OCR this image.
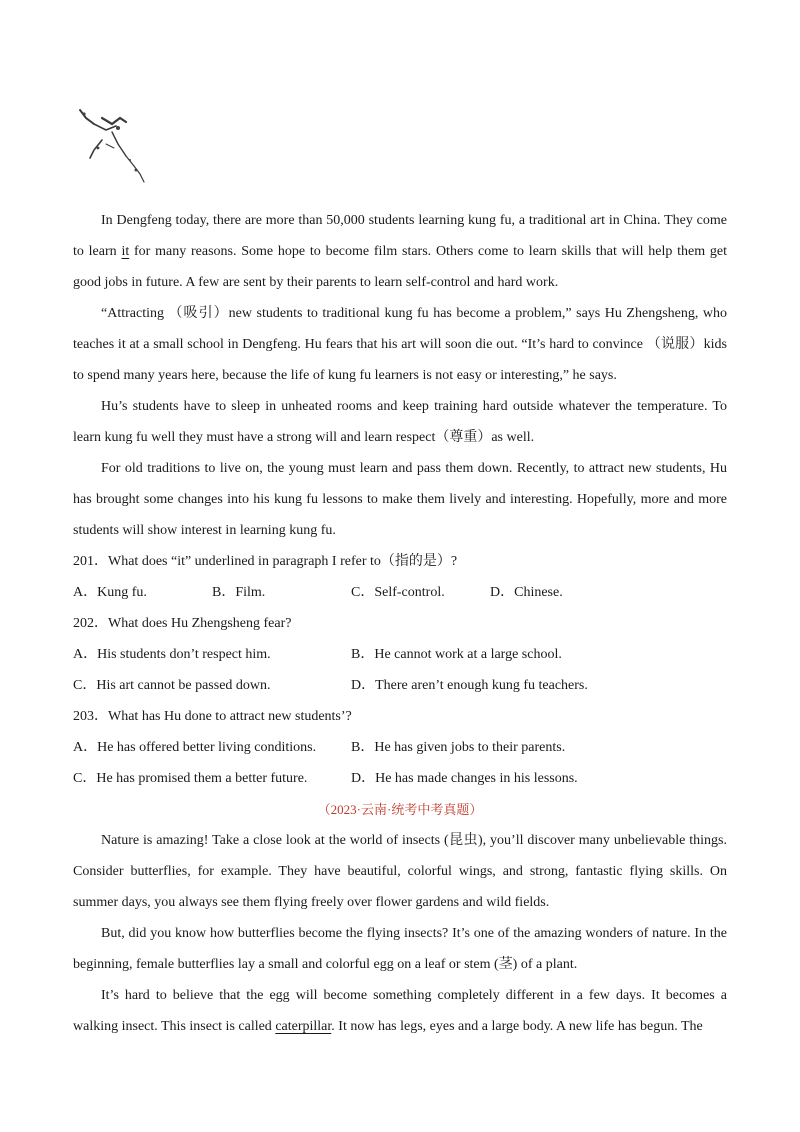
In Dengfeng today, there are more than 50,000 students learning kung fu, a traditional art in China. They come to learn it for many reasons. Some hope to become film stars. Others come to learn skills that will help them get good jobs in future. A few are sent by their parents to learn self-control and hard work.

“Attracting （吸引）new students to traditional kung fu has become a problem,” says Hu Zhengsheng, who teaches it at a small school in Dengfeng. Hu fears that his art will soon die out. “It’s hard to convince （说服）kids to spend many years here, because the life of kung fu learners is not easy or interesting,” he says.

Hu’s students have to sleep in unheated rooms and keep training hard outside whatever the temperature. To learn kung fu well they must have a strong will and learn respect（尊重）as well.

For old traditions to live on, the young must learn and pass them down. Recently, to attract new students, Hu has brought some changes into his kung fu lessons to make them lively and interesting. Hopefully, more and more students will show interest in learning kung fu.

201．What does “it” underlined in paragraph I refer to（指的是）?

A．Kung fu.	B．Film.	C．Self-control.	D．Chinese.

202．What does Hu Zhengsheng fear?

A．His students don’t respect him.	B．He cannot work at a large school.
C．His art cannot be passed down.	D．There aren’t enough kung fu teachers.

203．What has Hu done to attract new students’?

A．He has offered better living conditions.	B．He has given jobs to their parents.
C．He has promised them a better future.	D．He has made changes in his lessons.

（2023·云南·统考中考真题）

Nature is amazing! Take a close look at the world of insects (昆虫), you’ll discover many unbelievable things. Consider butterflies, for example. They have beautiful, colorful wings, and strong, fantastic flying skills. On summer days, you always see them flying freely over flower gardens and wild fields.

But, did you know how butterflies become the flying insects? It’s one of the amazing wonders of nature. In the beginning, female butterflies lay a small and colorful egg on a leaf or stem (茎) of a plant.

It’s hard to believe that the egg will become something completely different in a few days. It becomes a walking insect. This insect is called caterpillar. It now has legs, eyes and a large body. A new life has begun. The
